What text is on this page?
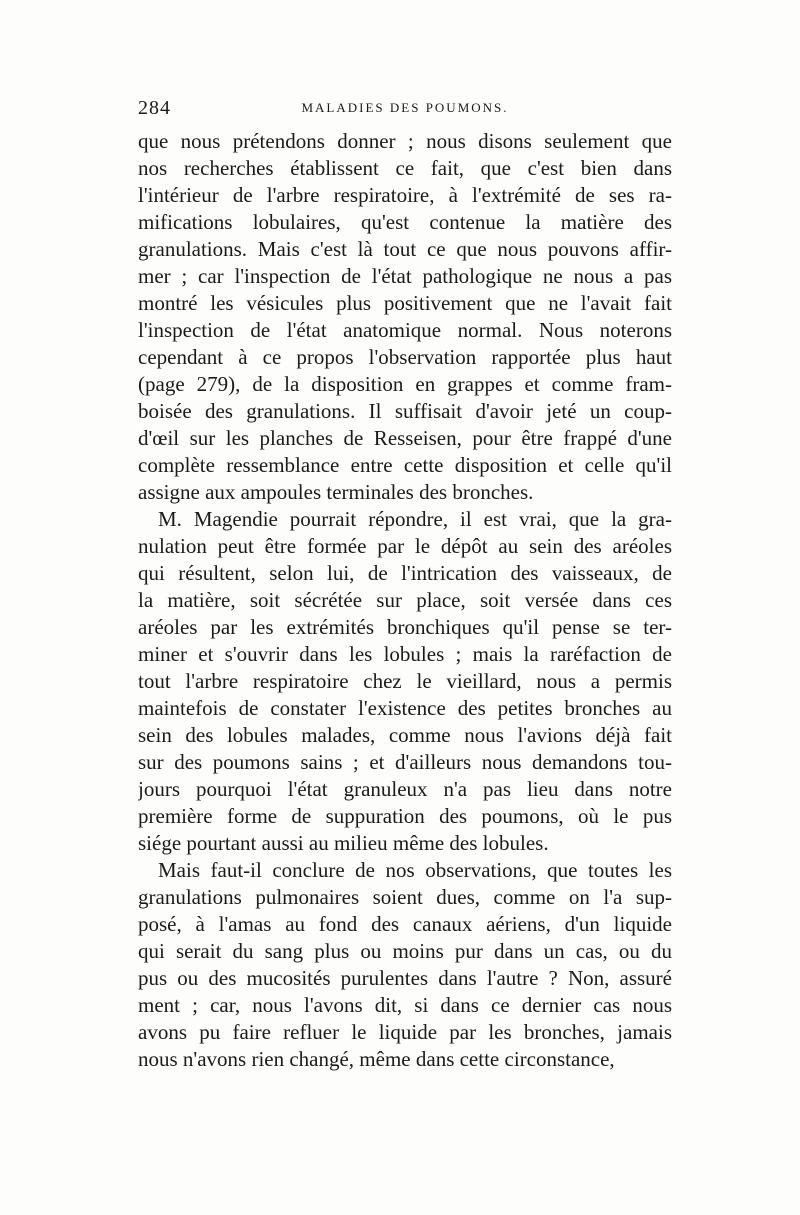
284	MALADIES DES POUMONS.
que nous prétendons donner ; nous disons seulement que
nos recherches établissent ce fait, que c'est bien dans
l'intérieur de l'arbre respiratoire, à l'extrémité de ses ra-
mifications lobulaires, qu'est contenue la matière des
granulations. Mais c'est là tout ce que nous pouvons affir-
mer ; car l'inspection de l'état pathologique ne nous a pas
montré les vésicules plus positivement que ne l'avait fait
l'inspection de l'état anatomique normal. Nous noterons
cependant à ce propos l'observation rapportée plus haut
(page 279), de la disposition en grappes et comme fram-
boisée des granulations. Il suffisait d'avoir jeté un coup-
d'œil sur les planches de Resseisen, pour être frappé d'une
complète ressemblance entre cette disposition et celle qu'il
assigne aux ampoules terminales des bronches.
M. Magendie pourrait répondre, il est vrai, que la gra-
nulation peut être formée par le dépôt au sein des aréoles
qui résultent, selon lui, de l'intrication des vaisseaux, de
la matière, soit sécrétée sur place, soit versée dans ces
aréoles par les extrémités bronchiques qu'il pense se ter-
miner et s'ouvrir dans les lobules ; mais la raréfaction de
tout l'arbre respiratoire chez le vieillard, nous a permis
maintefois de constater l'existence des petites bronches au
sein des lobules malades, comme nous l'avions déjà fait
sur des poumons sains ; et d'ailleurs nous demandons tou-
jours pourquoi l'état granuleux n'a pas lieu dans notre
première forme de suppuration des poumons, où le pus
siége pourtant aussi au milieu même des lobules.
Mais faut-il conclure de nos observations, que toutes les
granulations pulmonaires soient dues, comme on l'a sup-
posé, à l'amas au fond des canaux aériens, d'un liquide
qui serait du sang plus ou moins pur dans un cas, ou du
pus ou des mucosités purulentes dans l'autre ? Non, assuré
ment ; car, nous l'avons dit, si dans ce dernier cas nous
avons pu faire refluer le liquide par les bronches, jamais
nous n'avons rien changé, même dans cette circonstance,
